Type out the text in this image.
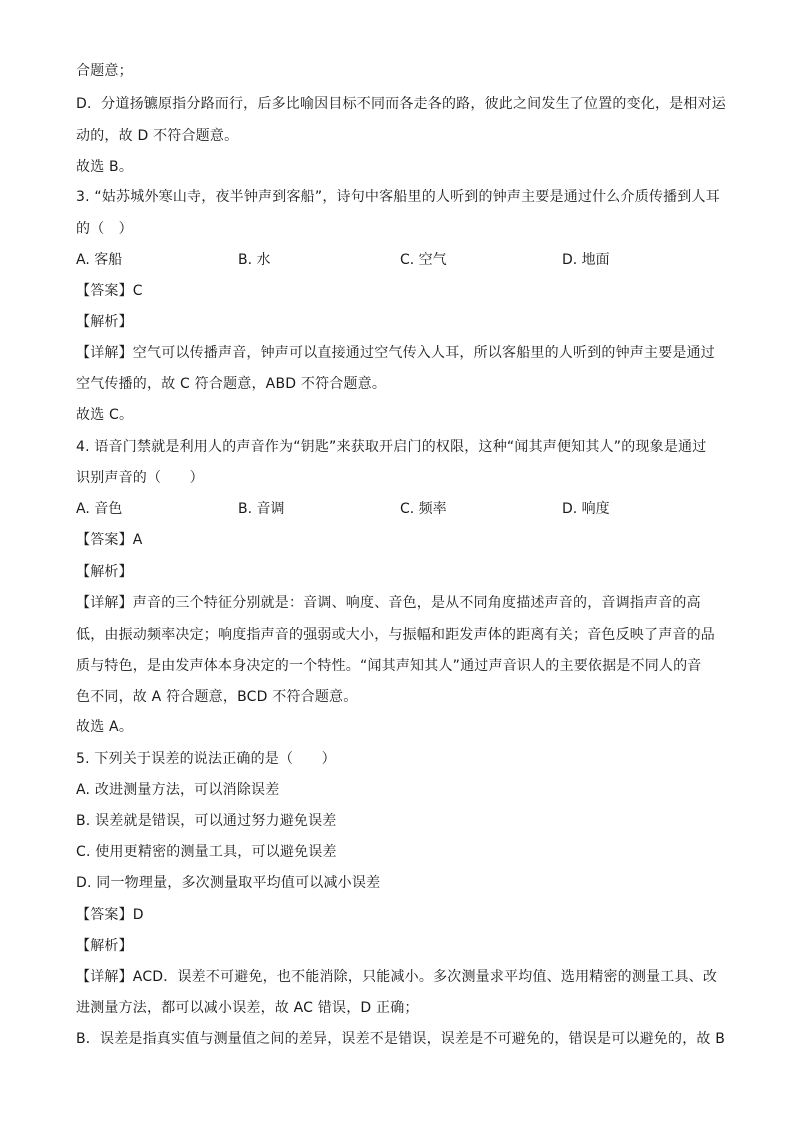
合题意；
D．分道扬镳原指分路而行，后多比喻因目标不同而各走各的路，彼此之间发生了位置的变化，是相对运
动的，故 D 不符合题意。
故选 B。
3. “姑苏城外寒山寺，夜半钟声到客船”，诗句中客船里的人听到的钟声主要是通过什么介质传播到人耳
的（　）
A. 客船	B. 水	C. 空气	D. 地面
【答案】C
【解析】
【详解】空气可以传播声音，钟声可以直接通过空气传入人耳，所以客船里的人听到的钟声主要是通过
空气传播的，故 C 符合题意，ABD 不符合题意。
故选 C。
4. 语音门禁就是利用人的声音作为“钥匙”来获取开启门的权限，这种“闻其声便知其人”的现象是通过
识别声音的（　　）
A. 音色	B. 音调	C. 频率	D. 响度
【答案】A
【解析】
【详解】声音的三个特征分别就是：音调、响度、音色，是从不同角度描述声音的，音调指声音的高
低，由振动频率决定；响度指声音的强弱或大小，与振幅和距发声体的距离有关；音色反映了声音的品
质与特色，是由发声体本身决定的一个特性。“闻其声知其人”通过声音识人的主要依据是不同人的音
色不同，故 A 符合题意，BCD 不符合题意。
故选 A。
5. 下列关于误差的说法正确的是（　　）
A. 改进测量方法，可以消除误差
B. 误差就是错误，可以通过努力避免误差
C. 使用更精密的测量工具，可以避免误差
D. 同一物理量，多次测量取平均值可以减小误差
【答案】D
【解析】
【详解】ACD．误差不可避免，也不能消除，只能减小。多次测量求平均值、选用精密的测量工具、改
进测量方法，都可以减小误差，故 AC 错误，D 正确；
B．误差是指真实值与测量值之间的差异，误差不是错误，误差是不可避免的，错误是可以避免的，故 B
